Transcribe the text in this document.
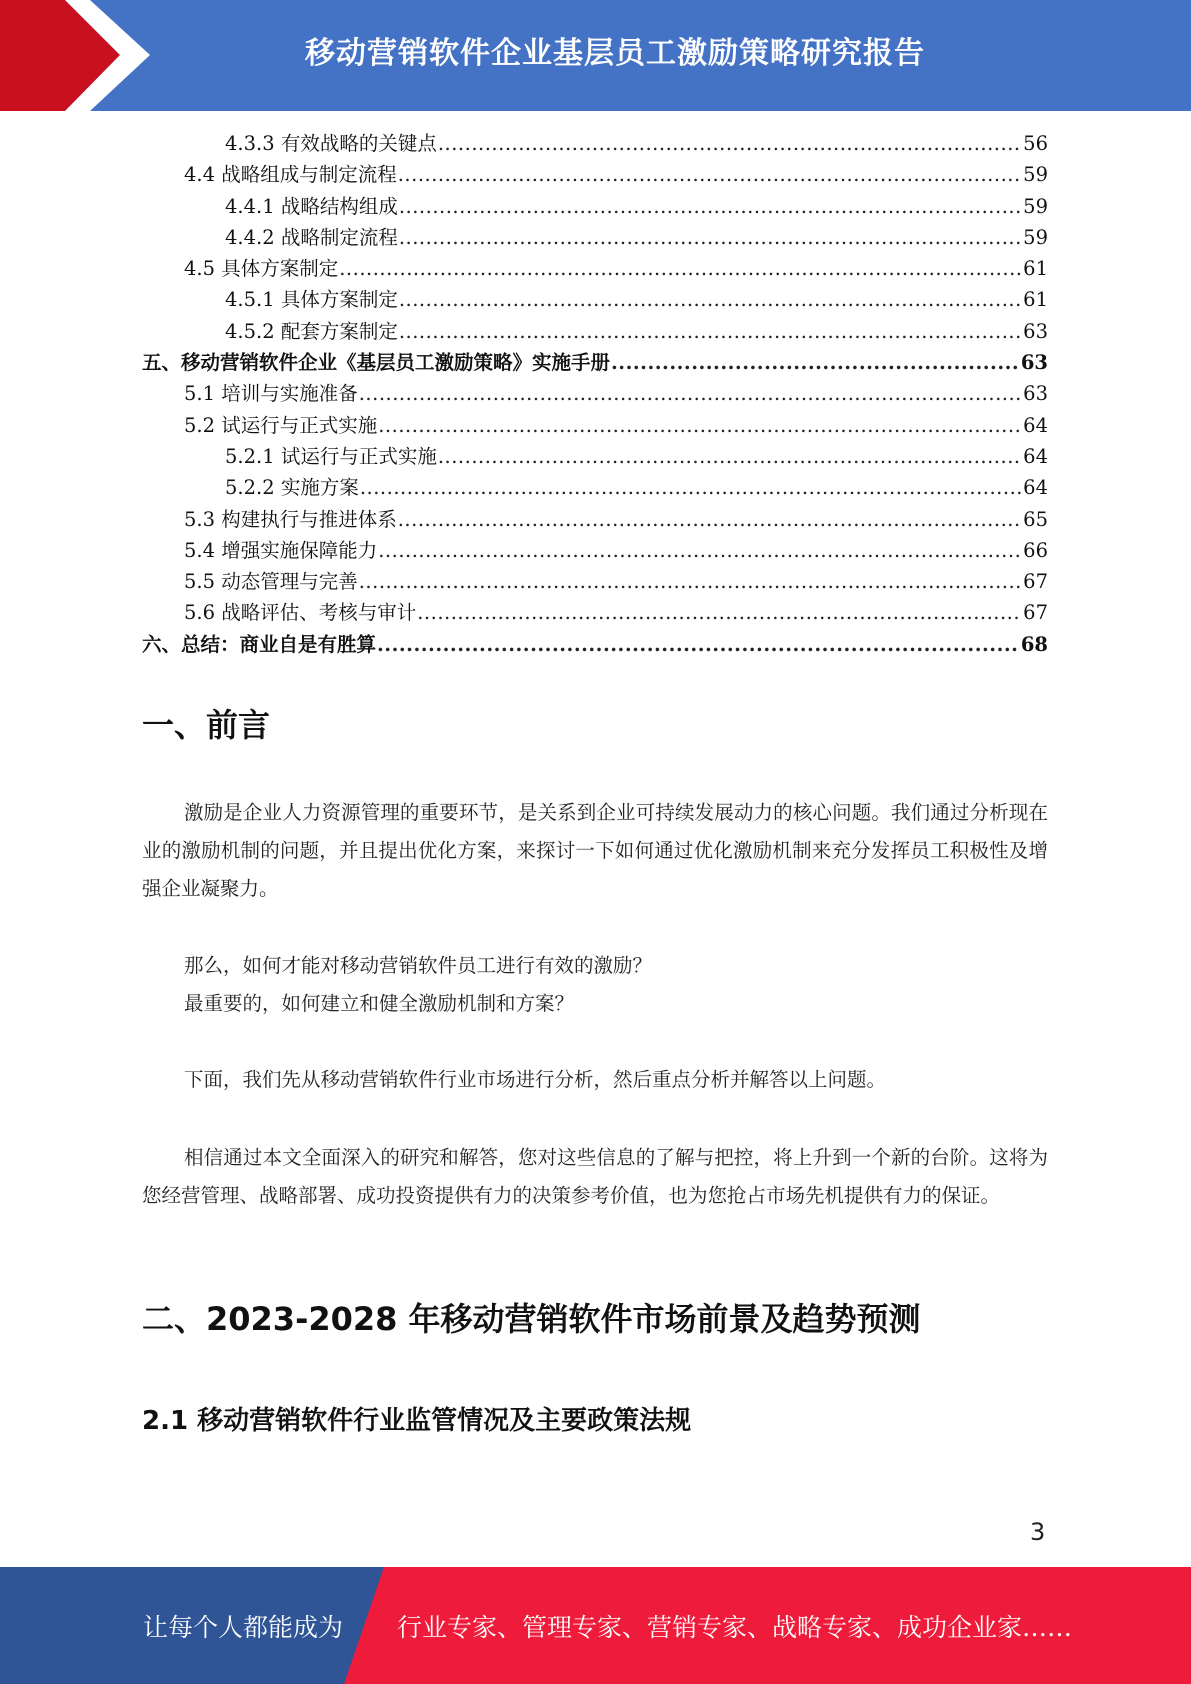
移动营销软件企业基层员工激励策略研究报告
4.3.3 有效战略的关键点 .....	56
4.4 战略组成与制定流程 .....	59
4.4.1 战略结构组成 .....	59
4.4.2 战略制定流程 .....	59
4.5 具体方案制定 .....	61
4.5.1 具体方案制定 .....	61
4.5.2 配套方案制定 .....	63
五、移动营销软件企业《基层员工激励策略》实施手册 .....	63
5.1 培训与实施准备 .....	63
5.2 试运行与正式实施 .....	64
5.2.1 试运行与正式实施 .....	64
5.2.2 实施方案 .....	64
5.3 构建执行与推进体系 .....	65
5.4 增强实施保障能力 .....	66
5.5 动态管理与完善 .....	67
5.6 战略评估、考核与审计 .....	67
六、总结：商业自是有胜算 .....	68
一、前言
激励是企业人力资源管理的重要环节，是关系到企业可持续发展动力的核心问题。我们通过分析现在业的激励机制的问题，并且提出优化方案，来探讨一下如何通过优化激励机制来充分发挥员工积极性及增强企业凝聚力。
那么，如何才能对移动营销软件员工进行有效的激励？
最重要的，如何建立和健全激励机制和方案？
下面，我们先从移动营销软件行业市场进行分析，然后重点分析并解答以上问题。
相信通过本文全面深入的研究和解答，您对这些信息的了解与把控，将上升到一个新的台阶。这将为您经营管理、战略部署、成功投资提供有力的决策参考价值，也为您抢占市场先机提供有力的保证。
二、2023-2028 年移动营销软件市场前景及趋势预测
2.1 移动营销软件行业监管情况及主要政策法规
3
让每个人都能成为 行业专家、管理专家、营销专家、战略专家、成功企业家……
